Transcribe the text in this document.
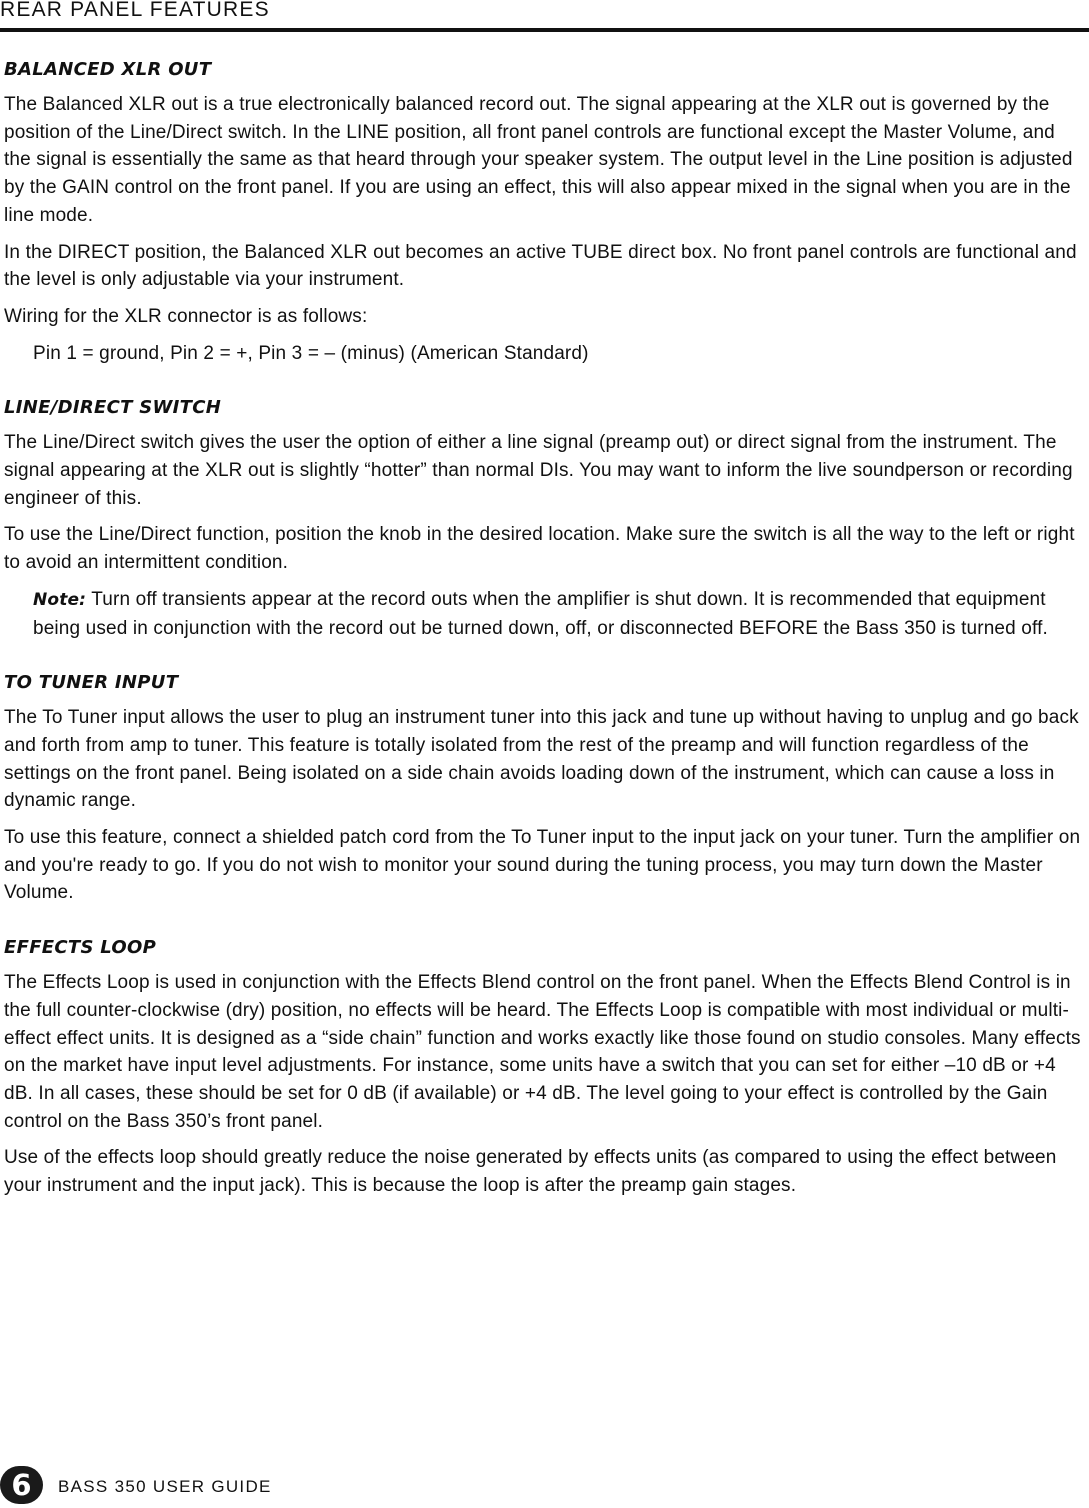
REAR PANEL FEATURES
BALANCED XLR OUT

The Balanced XLR out is a true electronically balanced record out. The signal appearing at the XLR out is governed by the position of the Line/Direct switch. In the LINE position, all front panel controls are functional except the Master Volume, and the signal is essentially the same as that heard through your speaker system. The output level in the Line position is adjusted by the GAIN control on the front panel. If you are using an effect, this will also appear mixed in the signal when you are in the line mode.

In the DIRECT position, the Balanced XLR out becomes an active TUBE direct box. No front panel controls are functional and the level is only adjustable via your instrument.

Wiring for the XLR connector is as follows:

Pin 1 = ground, Pin 2 = +, Pin 3 = – (minus) (American Standard)

LINE/DIRECT SWITCH

The Line/Direct switch gives the user the option of either a line signal (preamp out) or direct signal from the instrument. The signal appearing at the XLR out is slightly “hotter” than normal DIs. You may want to inform the live soundperson or recording engineer of this.

To use the Line/Direct function, position the knob in the desired location. Make sure the switch is all the way to the left or right to avoid an intermittent condition.

Note: Turn off transients appear at the record outs when the amplifier is shut down. It is recommended that equipment being used in conjunction with the record out be turned down, off, or disconnected BEFORE the Bass 350 is turned off.

TO TUNER INPUT

The To Tuner input allows the user to plug an instrument tuner into this jack and tune up without having to unplug and go back and forth from amp to tuner. This feature is totally isolated from the rest of the preamp and will function regardless of the settings on the front panel. Being isolated on a side chain avoids loading down of the instrument, which can cause a loss in dynamic range.

To use this feature, connect a shielded patch cord from the To Tuner input to the input jack on your tuner. Turn the amplifier on and you're ready to go. If you do not wish to monitor your sound during the tuning process, you may turn down the Master Volume.

EFFECTS LOOP

The Effects Loop is used in conjunction with the Effects Blend control on the front panel. When the Effects Blend Control is in the full counter-clockwise (dry) position, no effects will be heard. The Effects Loop is compatible with most individual or multi-effect effect units. It is designed as a “side chain” function and works exactly like those found on studio consoles. Many effects on the market have input level adjustments. For instance, some units have a switch that you can set for either –10 dB or +4 dB. In all cases, these should be set for 0 dB (if available) or +4 dB. The level going to your effect is controlled by the Gain control on the Bass 350’s front panel.

Use of the effects loop should greatly reduce the noise generated by effects units (as compared to using the effect between your instrument and the input jack). This is because the loop is after the preamp gain stages.

6	BASS 350 USER GUIDE
